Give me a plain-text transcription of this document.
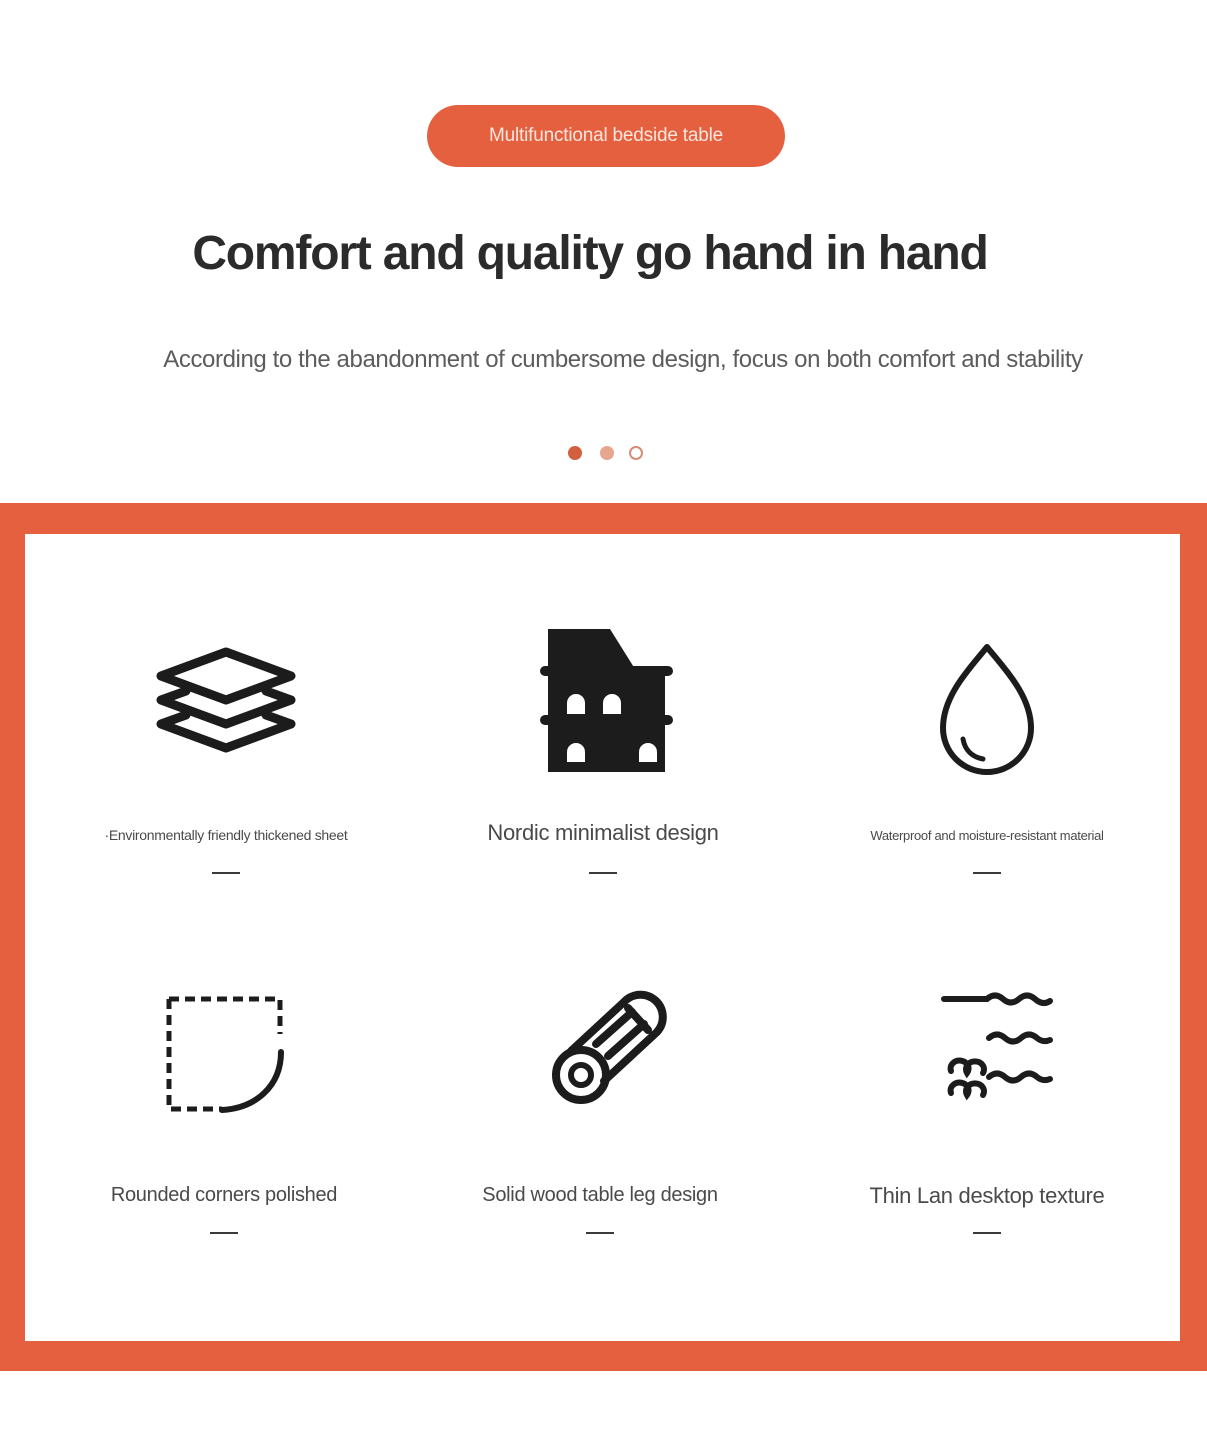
Multifunctional bedside table
Comfort and quality go hand in hand
According to the abandonment of cumbersome design, focus on both comfort and stability
·Environmentally friendly thickened sheet	Nordic minimalist design	Waterproof and moisture-resistant material
Rounded corners polished	Solid wood table leg design	Thin Lan desktop texture
